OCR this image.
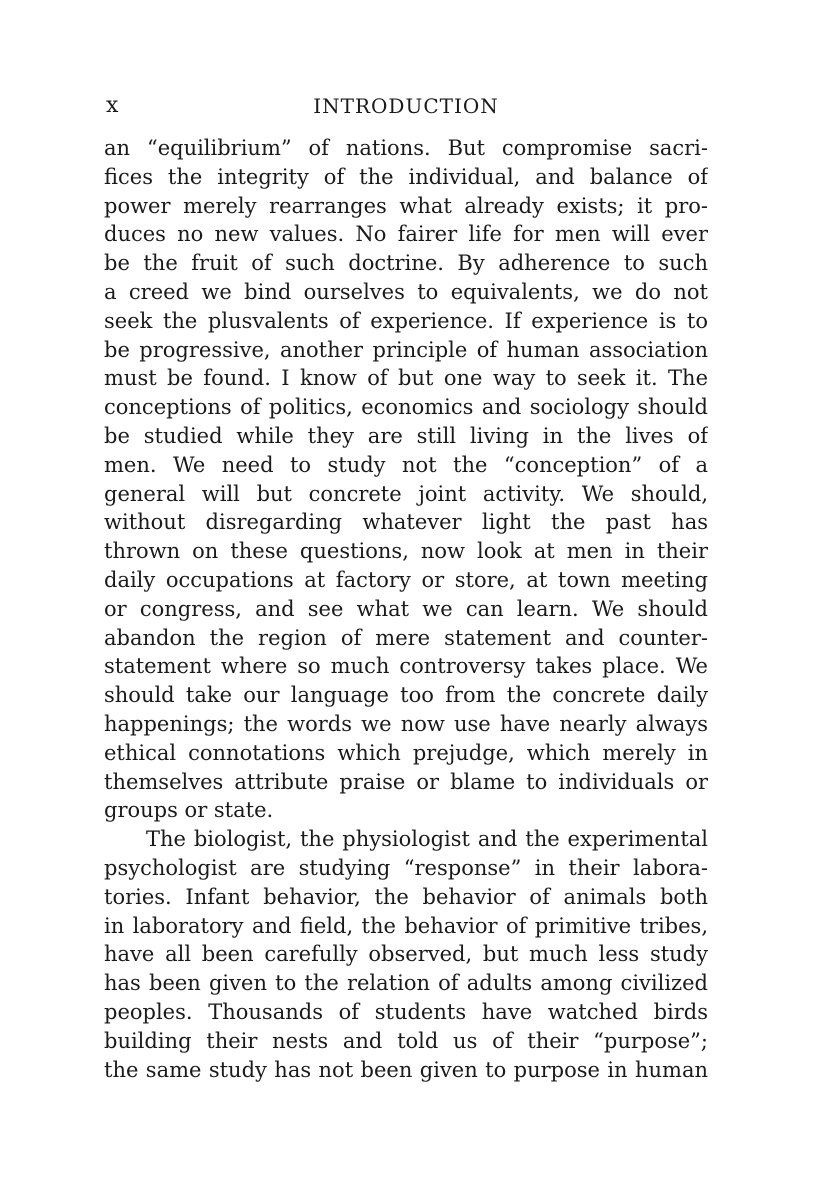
x	INTRODUCTION

an “equilibrium” of nations. But compromise sacri-
fices the integrity of the individual, and balance of
power merely rearranges what already exists; it pro-
duces no new values. No fairer life for men will ever
be the fruit of such doctrine. By adherence to such
a creed we bind ourselves to equivalents, we do not
seek the plusvalents of experience. If experience is to
be progressive, another principle of human association
must be found. I know of but one way to seek it. The
conceptions of politics, economics and sociology should
be studied while they are still living in the lives of
men. We need to study not the “conception” of a
general will but concrete joint activity. We should,
without disregarding whatever light the past has
thrown on these questions, now look at men in their
daily occupations at factory or store, at town meeting
or congress, and see what we can learn. We should
abandon the region of mere statement and counter-
statement where so much controversy takes place. We
should take our language too from the concrete daily
happenings; the words we now use have nearly always
ethical connotations which prejudge, which merely in
themselves attribute praise or blame to individuals or
groups or state.

The biologist, the physiologist and the experimental
psychologist are studying “response” in their labora-
tories. Infant behavior, the behavior of animals both
in laboratory and field, the behavior of primitive tribes,
have all been carefully observed, but much less study
has been given to the relation of adults among civilized
peoples. Thousands of students have watched birds
building their nests and told us of their “purpose”;
the same study has not been given to purpose in human
